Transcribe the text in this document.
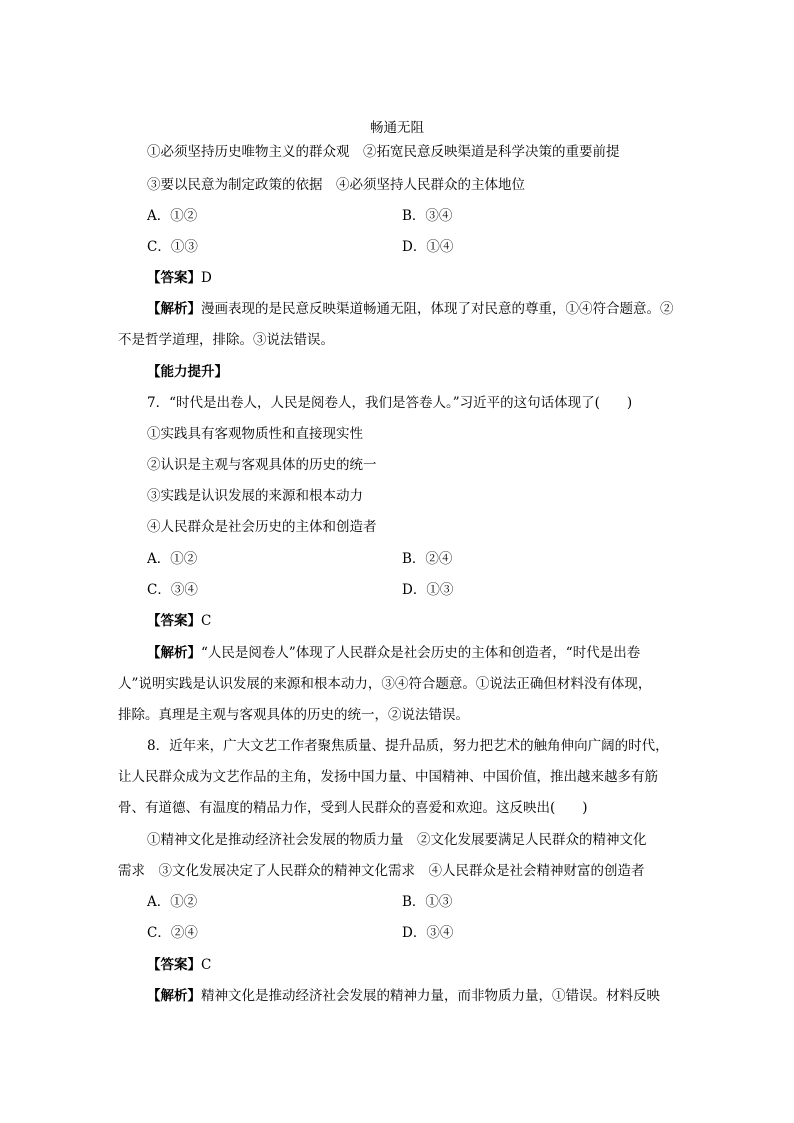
畅通无阻
①必须坚持历史唯物主义的群众观　②拓宽民意反映渠道是科学决策的重要前提
③要以民意为制定政策的依据　④必须坚持人民群众的主体地位
A．①②	B．③④
C．①③	D．①④
【答案】D
【解析】漫画表现的是民意反映渠道畅通无阻，体现了对民意的尊重，①④符合题意。②
不是哲学道理，排除。③说法错误。
【能力提升】
7．“时代是出卷人，人民是阅卷人，我们是答卷人。”习近平的这句话体现了(　　)
①实践具有客观物质性和直接现实性
②认识是主观与客观具体的历史的统一
③实践是认识发展的来源和根本动力
④人民群众是社会历史的主体和创造者
A．①②	B．②④
C．③④	D．①③
【答案】C
【解析】“人民是阅卷人”体现了人民群众是社会历史的主体和创造者，“时代是出卷
人”说明实践是认识发展的来源和根本动力，③④符合题意。①说法正确但材料没有体现，
排除。真理是主观与客观具体的历史的统一，②说法错误。
8．近年来，广大文艺工作者聚焦质量、提升品质，努力把艺术的触角伸向广阔的时代，
让人民群众成为文艺作品的主角，发扬中国力量、中国精神、中国价值，推出越来越多有筋
骨、有道德、有温度的精品力作，受到人民群众的喜爱和欢迎。这反映出(　　)
①精神文化是推动经济社会发展的物质力量　②文化发展要满足人民群众的精神文化
需求　③文化发展决定了人民群众的精神文化需求　④人民群众是社会精神财富的创造者
A．①②	B．①③
C．②④	D．③④
【答案】C
【解析】精神文化是推动经济社会发展的精神力量，而非物质力量，①错误。材料反映
